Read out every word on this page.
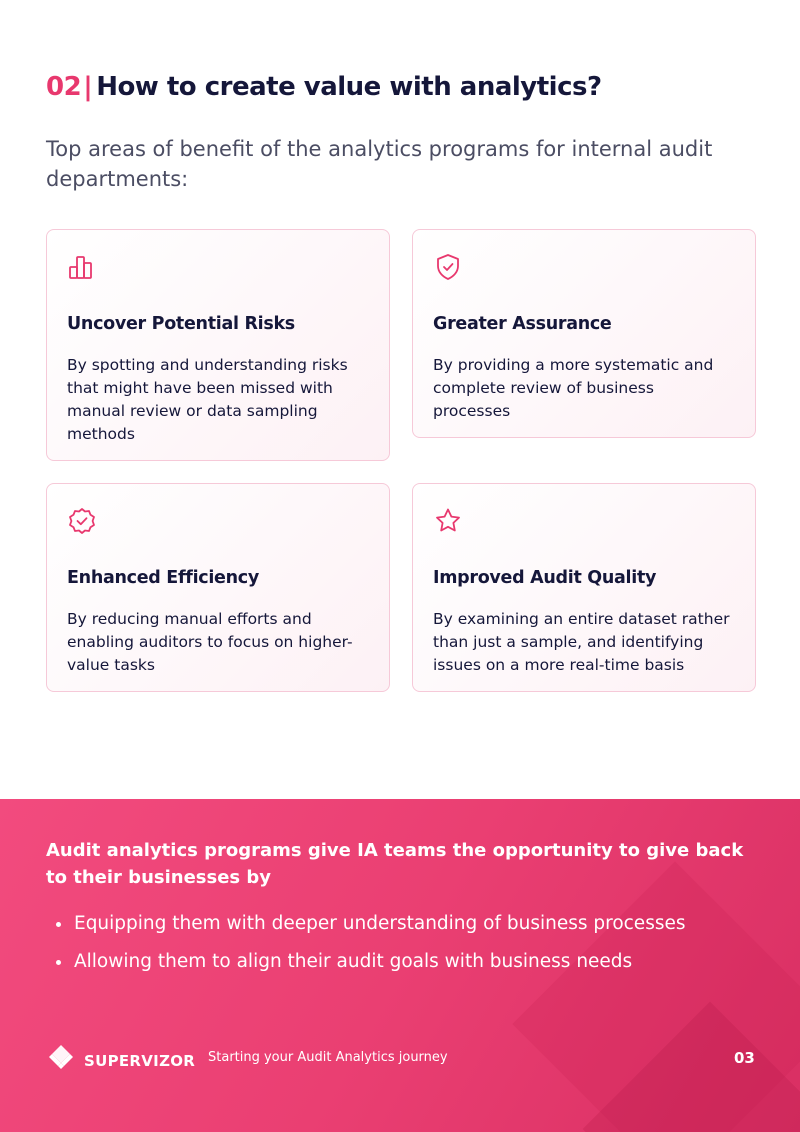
02| How to create value with analytics?
Top areas of benefit of the analytics programs for internal audit departments:
Uncover Potential Risks

By spotting and understanding risks that might have been missed with manual review or data sampling methods

Greater Assurance

By providing a more systematic and complete review of business processes

Enhanced Efficiency

By reducing manual efforts and enabling auditors to focus on higher-value tasks

Improved Audit Quality

By examining an entire dataset rather than just a sample, and identifying issues on a more real-time basis

Audit analytics programs give IA teams the opportunity to give back to their businesses by
Equipping them with deeper understanding of business processes
Allowing them to align their audit goals with business needs
SUPERVIZOR Starting your Audit Analytics journey	03
